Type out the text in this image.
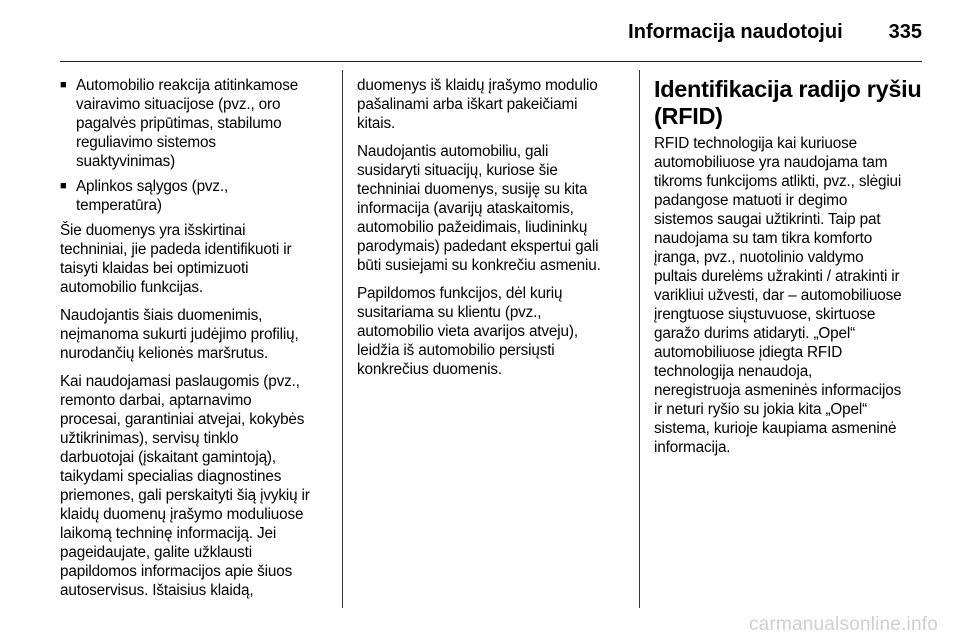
Informacija naudotojui 335
■ Automobilio reakcija atitinkamose
vairavimo situacijose (pvz., oro
pagalvės pripūtimas, stabilumo
reguliavimo sistemos
suaktyvinimas)
■ Aplinkos sąlygos (pvz.,
temperatūra)

Šie duomenys yra išskirtinai
techniniai, jie padeda identifikuoti ir
taisyti klaidas bei optimizuoti
automobilio funkcijas.

Naudojantis šiais duomenimis,
neįmanoma sukurti judėjimo profilių,
nurodančių kelionės maršrutus.

Kai naudojamasi paslaugomis (pvz.,
remonto darbai, aptarnavimo
procesai, garantiniai atvejai, kokybės
užtikrinimas), servisų tinklo
darbuotojai (įskaitant gamintoją),
taikydami specialias diagnostines
priemones, gali perskaityti šią įvykių ir
klaidų duomenų įrašymo moduliuose
laikomą techninę informaciją. Jei
pageidaujate, galite užklausti
papildomos informacijos apie šiuos
autoservisus. Ištaisius klaidą,

duomenys iš klaidų įrašymo modulio
pašalinami arba iškart pakeičiami
kitais.

Naudojantis automobiliu, gali
susidaryti situacijų, kuriose šie
techniniai duomenys, susiję su kita
informacija (avarijų ataskaitomis,
automobilio pažeidimais, liudininkų
parodymais) padedant ekspertui gali
būti susiejami su konkrečiu asmeniu.

Papildomos funkcijos, dėl kurių
susitariama su klientu (pvz.,
automobilio vieta avarijos atveju),
leidžia iš automobilio persiųsti
konkrečius duomenis.

Identifikacija radijo ryšiu
(RFID)

RFID technologija kai kuriuose
automobiliuose yra naudojama tam
tikroms funkcijoms atlikti, pvz., slėgiui
padangose matuoti ir degimo
sistemos saugai užtikrinti. Taip pat
naudojama su tam tikra komforto
įranga, pvz., nuotolinio valdymo
pultais durelėms užrakinti / atrakinti ir
varikliui užvesti, dar – automobiliuose
įrengtuose siųstuvuose, skirtuose
garažo durims atidaryti. „Opel“
automobiliuose įdiegta RFID
technologija nenaudoja,
neregistruoja asmeninės informacijos
ir neturi ryšio su jokia kita „Opel“
sistema, kurioje kaupiama asmeninė
informacija.

carmanualsonline.info
